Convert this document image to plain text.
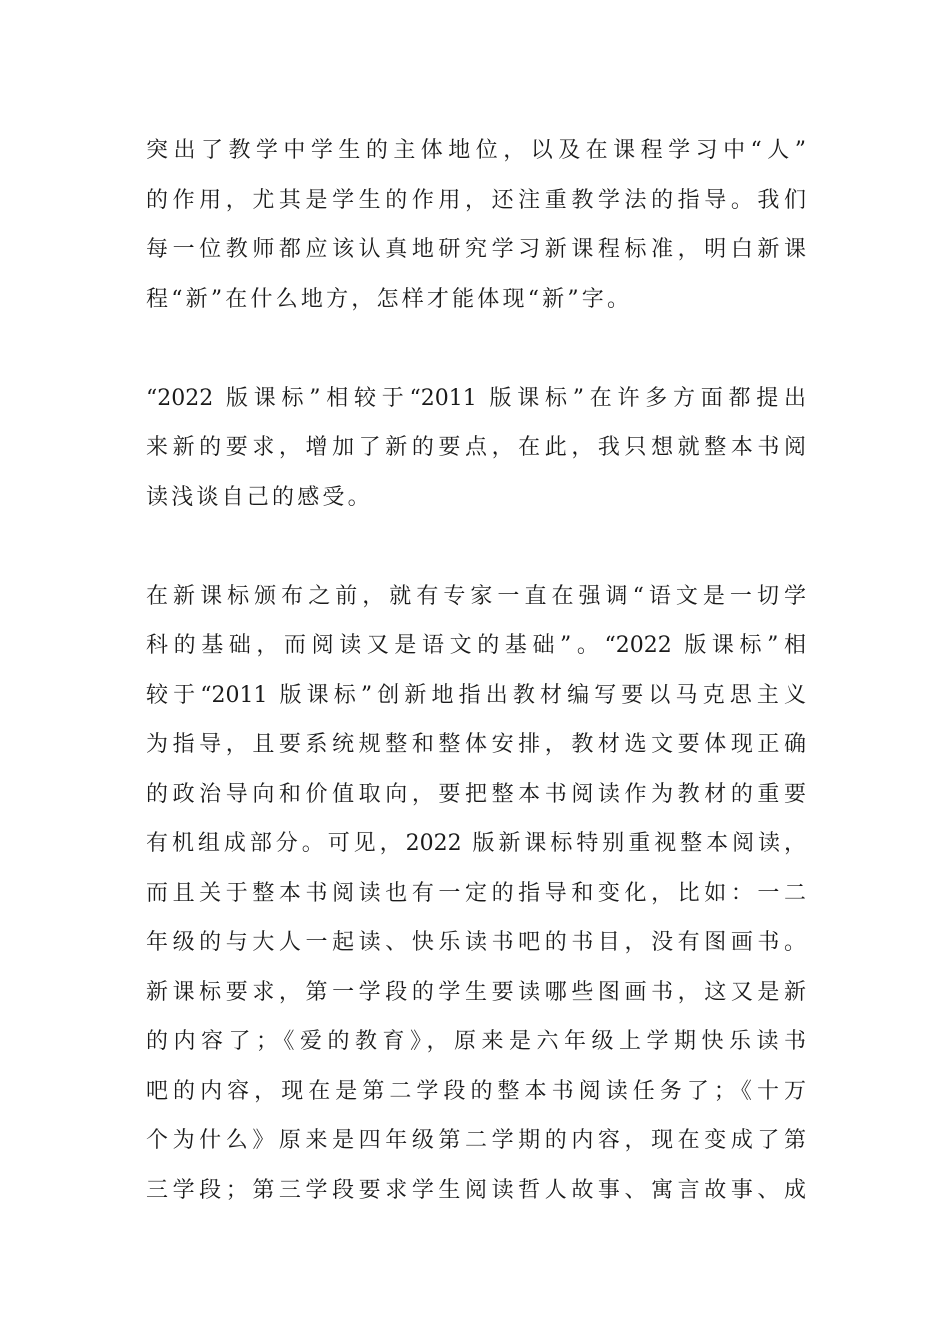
突出了教学中学生的主体地位，以及在课程学习中“人”
的作用，尤其是学生的作用，还注重教学法的指导。我们
每一位教师都应该认真地研究学习新课程标准，明白新课
程“新”在什么地方，怎样才能体现“新”字。
“2022 版课标”相较于“2011 版课标”在许多方面都提出
来新的要求，增加了新的要点，在此，我只想就整本书阅
读浅谈自己的感受。
在新课标颁布之前，就有专家一直在强调“语文是一切学
科的基础，而阅读又是语文的基础”。“2022 版课标”相
较于“2011 版课标”创新地指出教材编写要以马克思主义
为指导，且要系统规整和整体安排，教材选文要体现正确
的政治导向和价值取向，要把整本书阅读作为教材的重要
有机组成部分。可见，2022 版新课标特别重视整本阅读，
而且关于整本书阅读也有一定的指导和变化，比如：一二
年级的与大人一起读、快乐读书吧的书目，没有图画书。
新课标要求，第一学段的学生要读哪些图画书，这又是新
的内容了；《爱的教育》，原来是六年级上学期快乐读书
吧的内容，现在是第二学段的整本书阅读任务了；《十万
个为什么》原来是四年级第二学期的内容，现在变成了第
三学段；第三学段要求学生阅读哲人故事、寓言故事、成
